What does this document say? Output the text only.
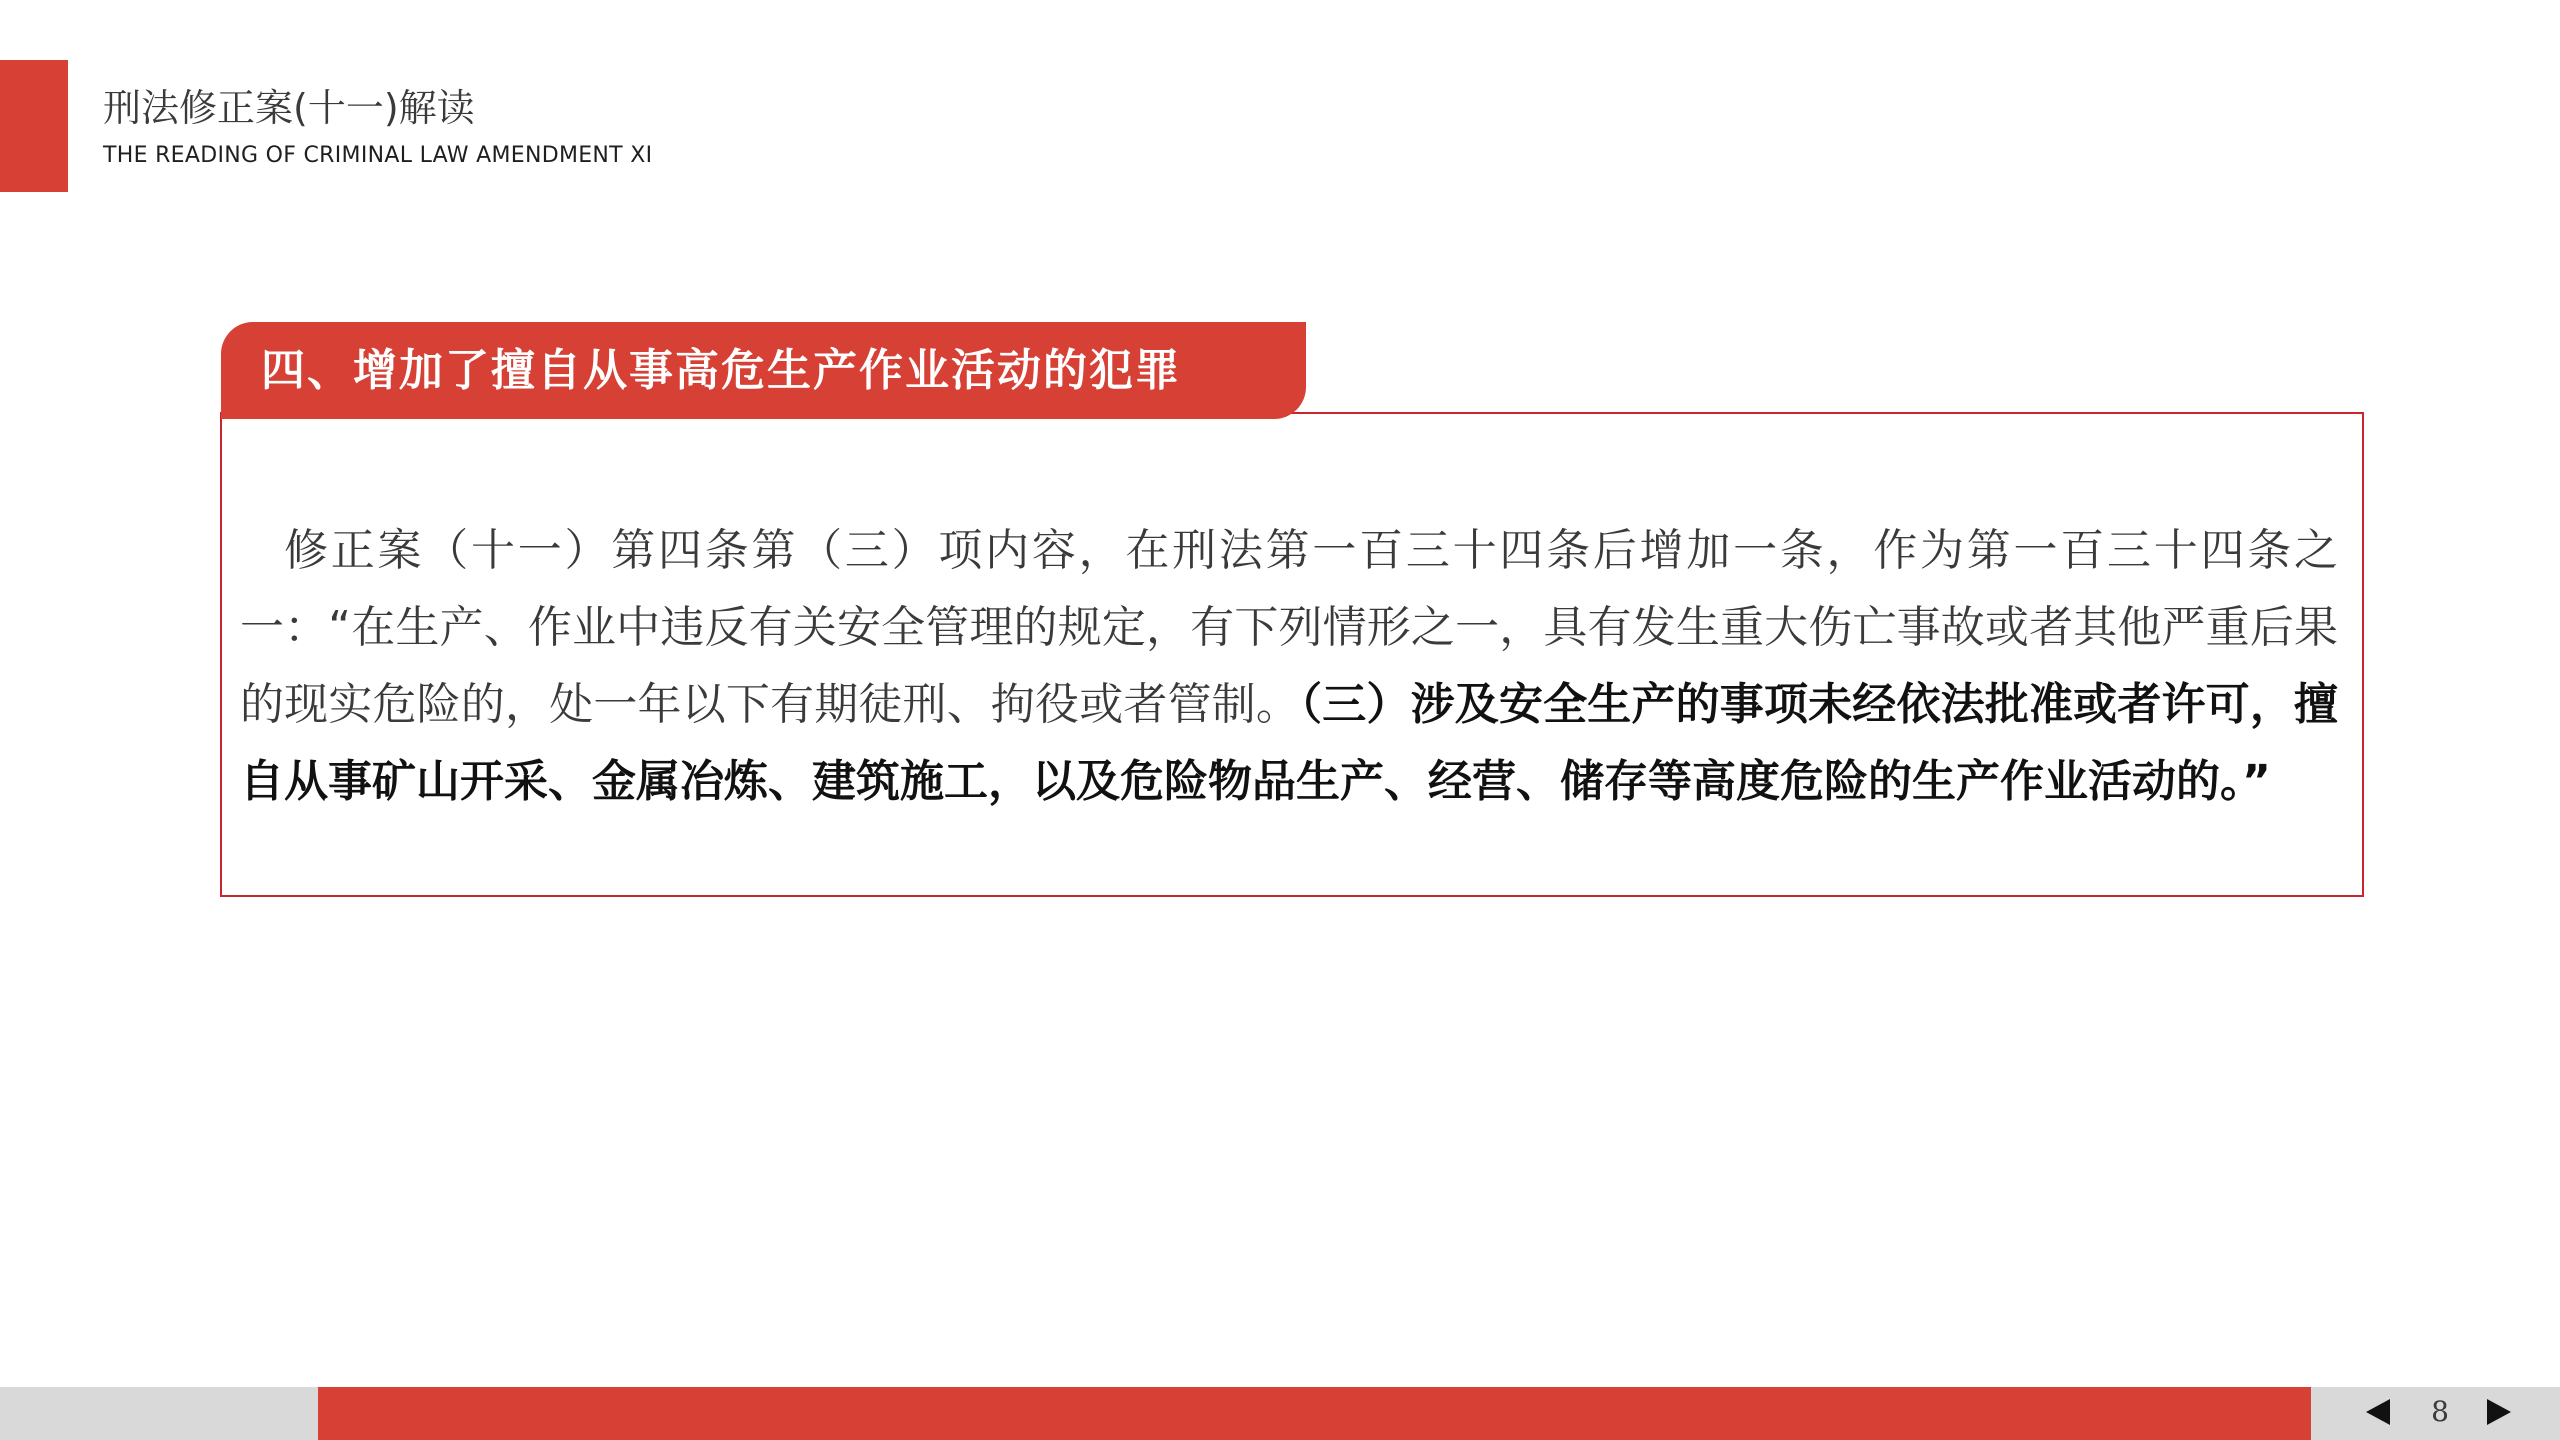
刑法修正案(十一)解读
THE READING OF CRIMINAL LAW AMENDMENT XI

修正案（十一）第四条第（三）项内容，在刑法第一百三十四条后增加一条，作为第一百三十四条之一：“在生产、作业中违反有关安全管理的规定，有下列情形之一，具有发生重大伤亡事故或者其他严重后果的现实危险的，处一年以下有期徒刑、拘役或者管制。（三）涉及安全生产的事项未经依法批准或者许可，擅自从事矿山开采、金属冶炼、建筑施工，以及危险物品生产、经营、储存等高度危险的生产作业活动的。”

四、增加了擅自从事高危生产作业活动的犯罪
8
